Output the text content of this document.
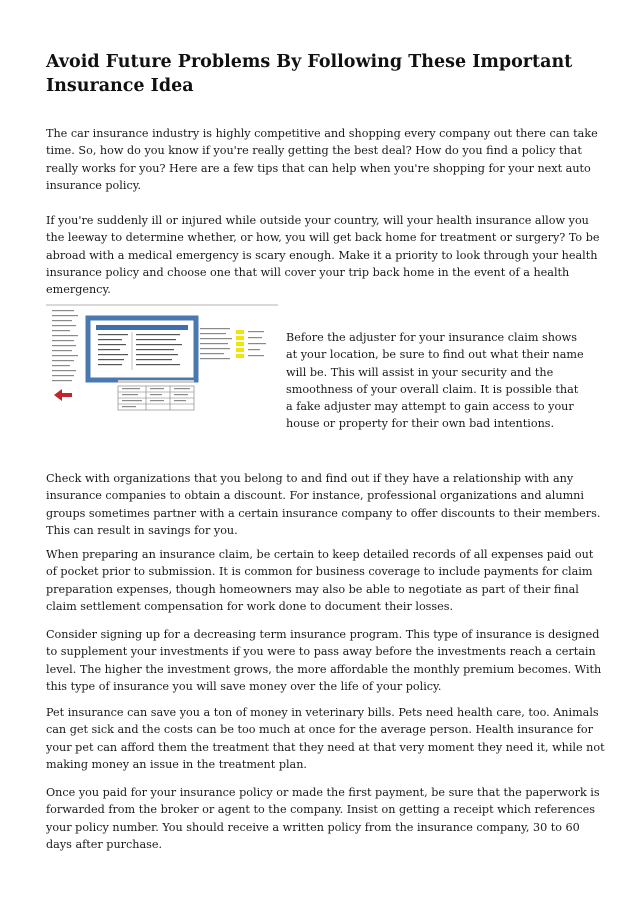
Avoid Future Problems By Following These Important Insurance Idea

The car insurance industry is highly competitive and shopping every company out there can take time. So, how do you know if you're really getting the best deal? How do you find a policy that really works for you? Here are a few tips that can help when you're shopping for your next auto insurance policy.

If you're suddenly ill or injured while outside your country, will your health insurance allow you the leeway to determine whether, or how, you will get back home for treatment or surgery? To be abroad with a medical emergency is scary enough. Make it a priority to look through your health insurance policy and choose one that will cover your trip back home in the event of a health emergency.

Before the adjuster for your insurance claim shows at your location, be sure to find out what their name will be. This will assist in your security and the smoothness of your overall claim. It is possible that a fake adjuster may attempt to gain access to your house or property for their own bad intentions.

Check with organizations that you belong to and find out if they have a relationship with any insurance companies to obtain a discount. For instance, professional organizations and alumni groups sometimes partner with a certain insurance company to offer discounts to their members. This can result in savings for you.

When preparing an insurance claim, be certain to keep detailed records of all expenses paid out of pocket prior to submission. It is common for business coverage to include payments for claim preparation expenses, though homeowners may also be able to negotiate as part of their final claim settlement compensation for work done to document their losses.

Consider signing up for a decreasing term insurance program. This type of insurance is designed to supplement your investments if you were to pass away before the investments reach a certain level. The higher the investment grows, the more affordable the monthly premium becomes. With this type of insurance you will save money over the life of your policy.

Pet insurance can save you a ton of money in veterinary bills. Pets need health care, too. Animals can get sick and the costs can be too much at once for the average person. Health insurance for your pet can afford them the treatment that they need at that very moment they need it, while not making money an issue in the treatment plan.

Once you paid for your insurance policy or made the first payment, be sure that the paperwork is forwarded from the broker or agent to the company. Insist on getting a receipt which references your policy number. You should receive a written policy from the insurance company, 30 to 60 days after purchase.
